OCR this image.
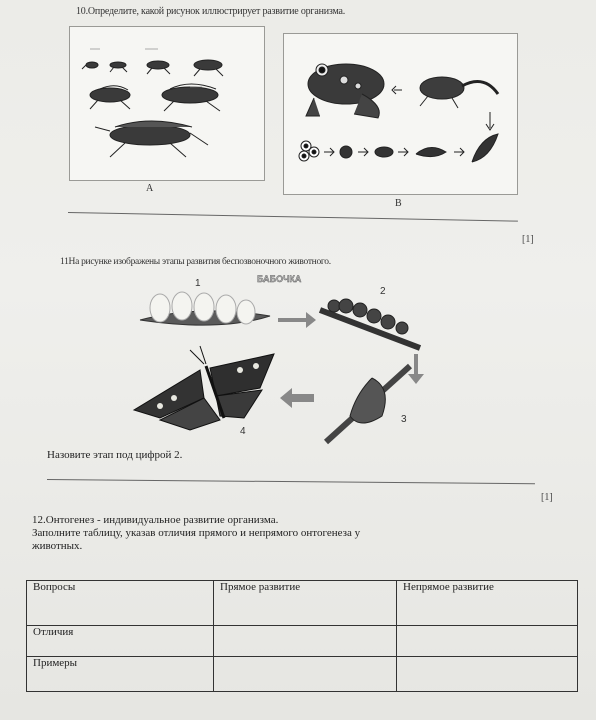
10.Определите, какой рисунок иллюстрирует развитие организма.
А
В
[1]
11На рисунке изображены этапы развития беспозвоночного животного.
БАБОЧКА
1
2
3
4
Назовите этап под цифрой 2.
[1]
12.Онтогенез - индивидуальное развитие организма.
Заполните таблицу, указав отличия прямого и непрямого онтогенеза у
животных.
Вопросы	Прямое развитие	Непрямое развитие
Отличия		
Примеры		
